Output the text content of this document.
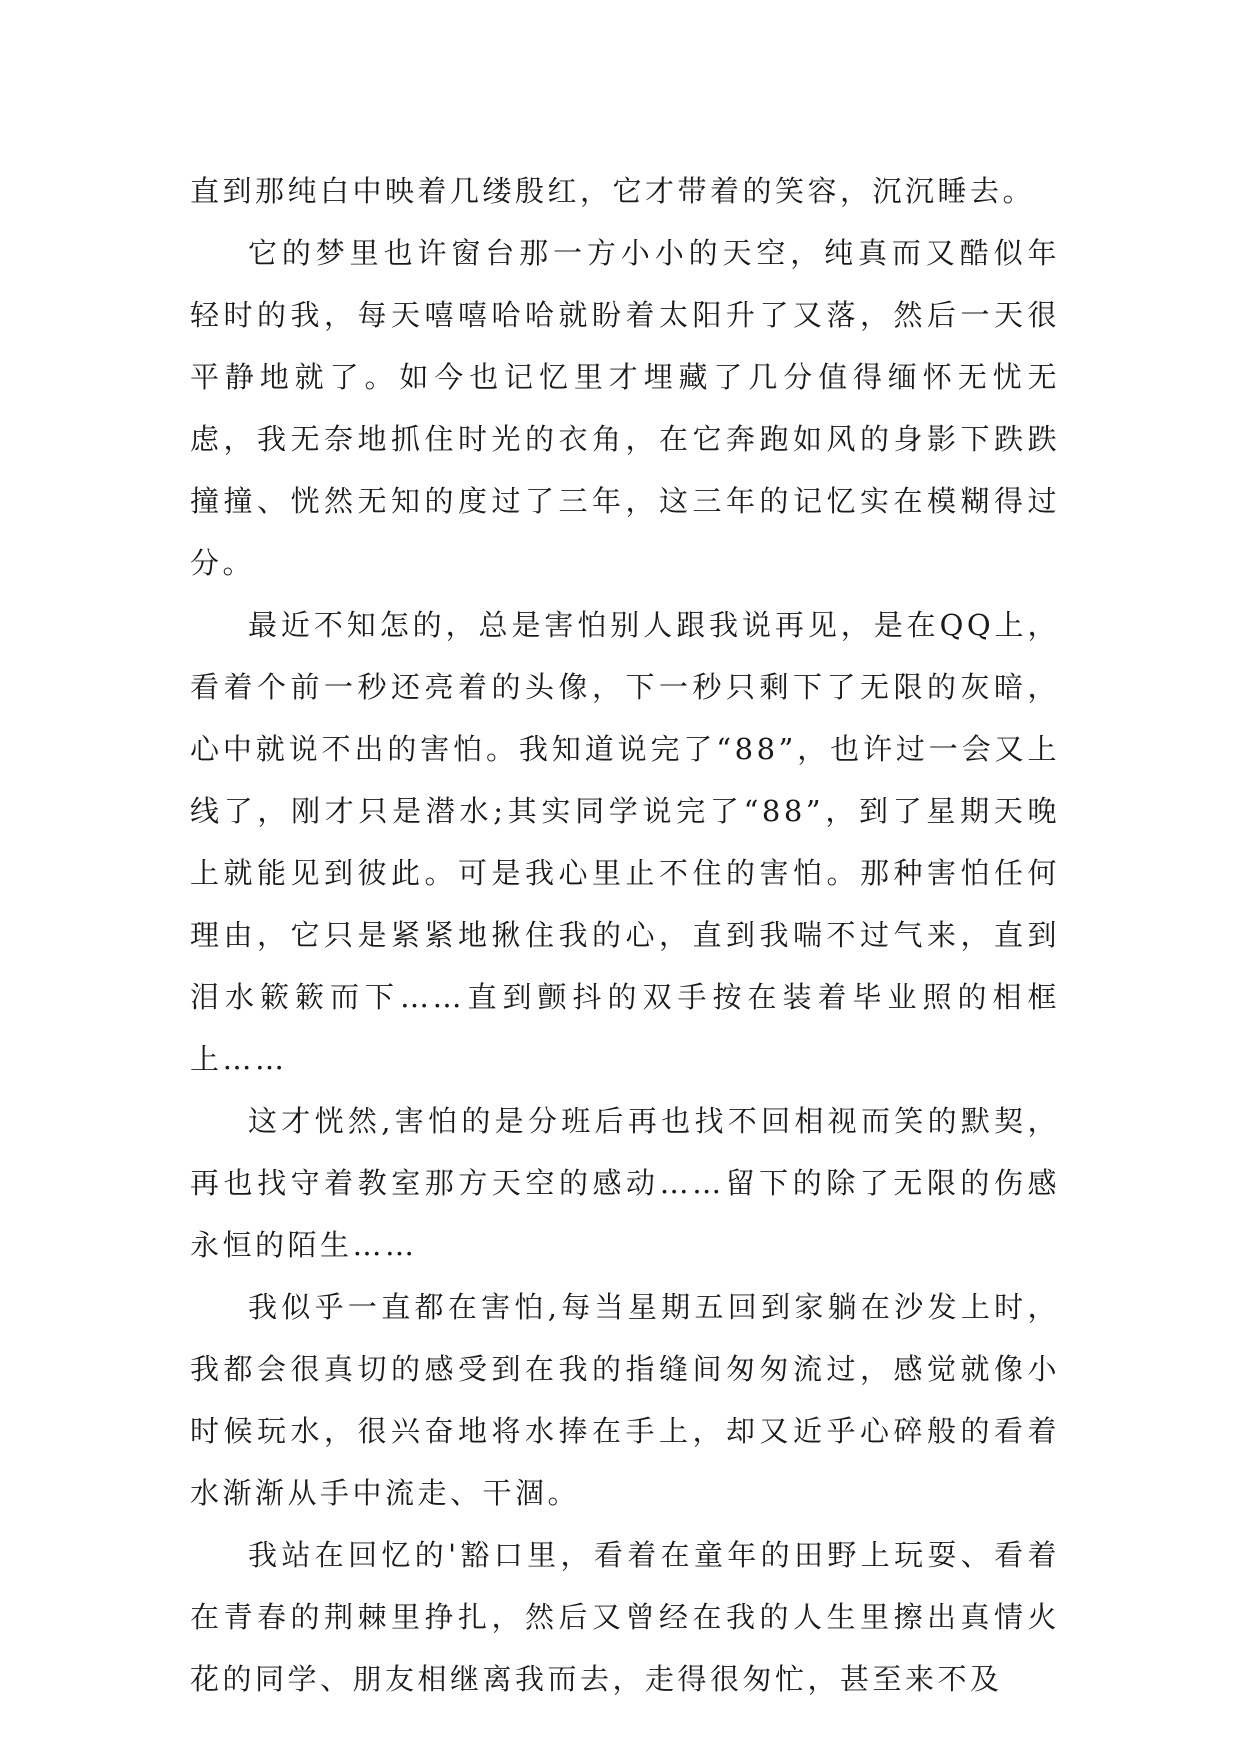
直到那纯白中映着几缕殷红，它才带着的笑容，沉沉睡去。

它的梦里也许窗台那一方小小的天空，纯真而又酷似年轻时的我，每天嘻嘻哈哈就盼着太阳升了又落，然后一天很平静地就了。如今也记忆里才埋藏了几分值得缅怀无忧无虑，我无奈地抓住时光的衣角，在它奔跑如风的身影下跌跌撞撞、恍然无知的度过了三年，这三年的记忆实在模糊得过分。

最近不知怎的，总是害怕别人跟我说再见，是在QQ上，看着个前一秒还亮着的头像，下一秒只剩下了无限的灰暗，心中就说不出的害怕。我知道说完了“88”，也许过一会又上线了，刚才只是潜水;其实同学说完了“88”，到了星期天晚上就能见到彼此。可是我心里止不住的害怕。那种害怕任何理由，它只是紧紧地揪住我的心，直到我喘不过气来，直到泪水簌簌而下……直到颤抖的双手按在装着毕业照的相框上……

这才恍然,害怕的是分班后再也找不回相视而笑的默契，再也找守着教室那方天空的感动……留下的除了无限的伤感永恒的陌生……

我似乎一直都在害怕,每当星期五回到家躺在沙发上时，我都会很真切的感受到在我的指缝间匆匆流过，感觉就像小时候玩水，很兴奋地将水捧在手上，却又近乎心碎般的看着水渐渐从手中流走、干涸。

我站在回忆的'豁口里，看着在童年的田野上玩耍、看着在青春的荆棘里挣扎，然后又曾经在我的人生里擦出真情火花的同学、朋友相继离我而去，走得很匆忙，甚至来不及
